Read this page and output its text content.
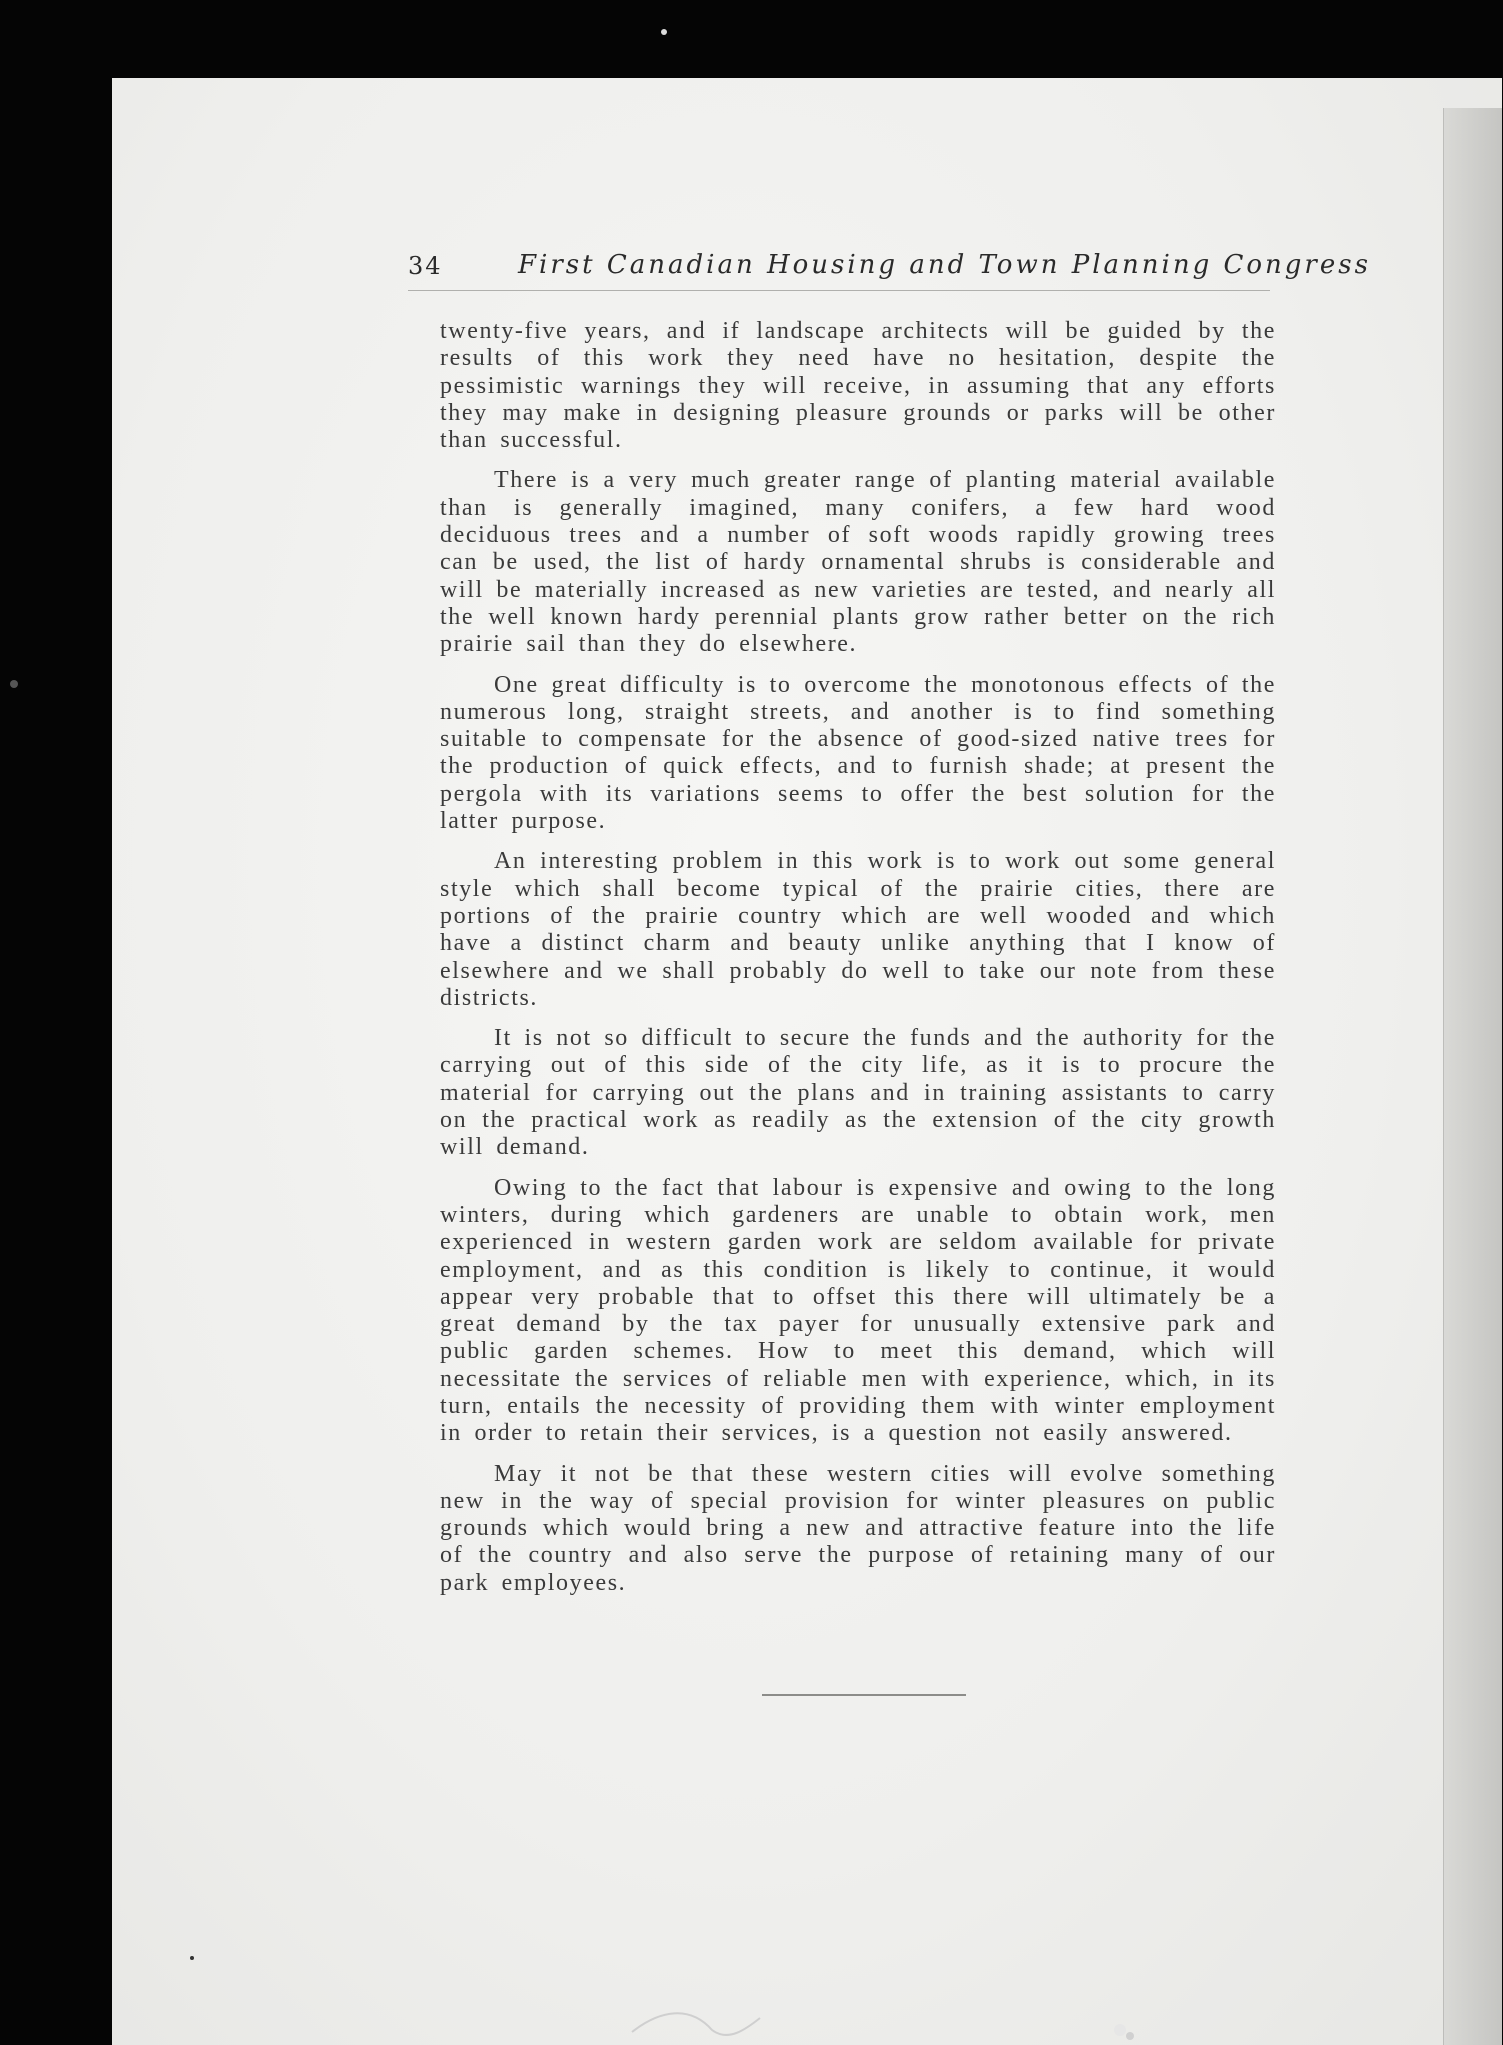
34	First Canadian Housing and Town Planning Congress

twenty-five years, and if landscape architects will be guided by the results of this work they need have no hesitation, despite the pessimistic warnings they will receive, in assuming that any efforts they may make in designing pleasure grounds or parks will be other than successful.

There is a very much greater range of planting material available than is generally imagined, many conifers, a few hard wood deciduous trees and a number of soft woods rapidly growing trees can be used, the list of hardy ornamental shrubs is considerable and will be materially increased as new varieties are tested, and nearly all the well known hardy perennial plants grow rather better on the rich prairie sail than they do elsewhere.

One great difficulty is to overcome the monotonous effects of the numerous long, straight streets, and another is to find something suitable to compensate for the absence of good-sized native trees for the production of quick effects, and to furnish shade; at present the pergola with its variations seems to offer the best solution for the latter purpose.

An interesting problem in this work is to work out some general style which shall become typical of the prairie cities, there are portions of the prairie country which are well wooded and which have a distinct charm and beauty unlike anything that I know of elsewhere and we shall probably do well to take our note from these districts.

It is not so difficult to secure the funds and the authority for the carrying out of this side of the city life, as it is to procure the material for carrying out the plans and in training assistants to carry on the practical work as readily as the extension of the city growth will demand.

Owing to the fact that labour is expensive and owing to the long winters, during which gardeners are unable to obtain work, men experienced in western garden work are seldom available for private employment, and as this condition is likely to continue, it would appear very probable that to offset this there will ultimately be a great demand by the tax payer for unusually extensive park and public garden schemes. How to meet this demand, which will necessitate the services of reliable men with experience, which, in its turn, entails the necessity of providing them with winter employment in order to retain their services, is a question not easily answered.

May it not be that these western cities will evolve something new in the way of special provision for winter pleasures on public grounds which would bring a new and attractive feature into the life of the country and also serve the purpose of retaining many of our park employees.
